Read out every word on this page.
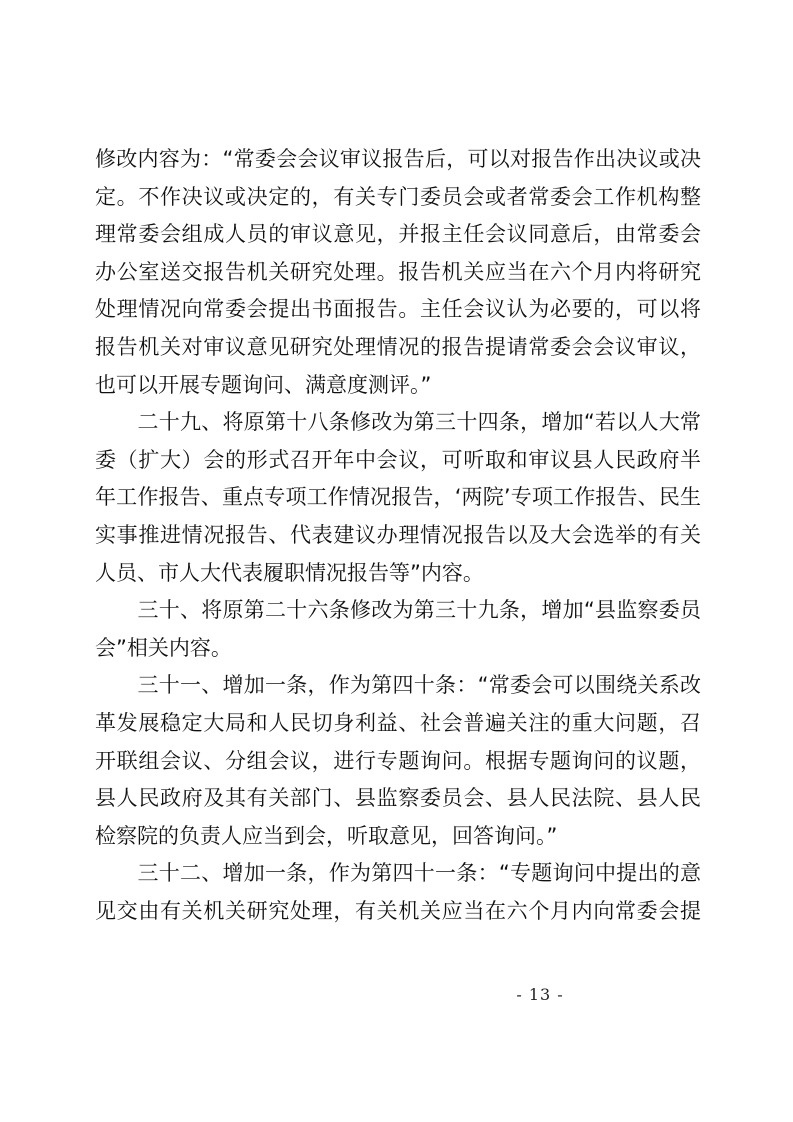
修改内容为：“常委会会议审议报告后，可以对报告作出决议或决
定。不作决议或决定的，有关专门委员会或者常委会工作机构整
理常委会组成人员的审议意见，并报主任会议同意后，由常委会
办公室送交报告机关研究处理。报告机关应当在六个月内将研究
处理情况向常委会提出书面报告。主任会议认为必要的，可以将
报告机关对审议意见研究处理情况的报告提请常委会会议审议，
也可以开展专题询问、满意度测评。”
　　二十九、将原第十八条修改为第三十四条，增加“若以人大常
委（扩大）会的形式召开年中会议，可听取和审议县人民政府半
年工作报告、重点专项工作情况报告，‘两院’专项工作报告、民生
实事推进情况报告、代表建议办理情况报告以及大会选举的有关
人员、市人大代表履职情况报告等”内容。
　　三十、将原第二十六条修改为第三十九条，增加“县监察委员
会”相关内容。
　　三十一、增加一条，作为第四十条：“常委会可以围绕关系改
革发展稳定大局和人民切身利益、社会普遍关注的重大问题，召
开联组会议、分组会议，进行专题询问。根据专题询问的议题，
县人民政府及其有关部门、县监察委员会、县人民法院、县人民
检察院的负责人应当到会，听取意见，回答询问。”
　　三十二、增加一条，作为第四十一条：“专题询问中提出的意
见交由有关机关研究处理，有关机关应当在六个月内向常委会提
- 13 -
